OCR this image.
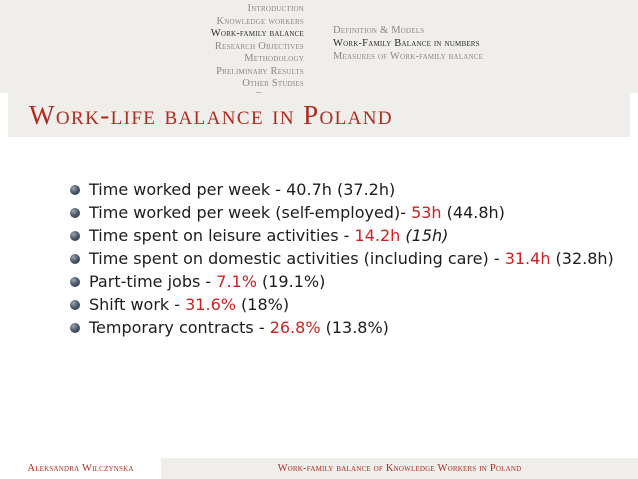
Introduction
Knowledge workers
Work-family balance
Research Objectives
Methodology
Preliminary Results
Other Studies
Definition & Models
Work-Family Balance in numbers
Measures of Work-family balance
Work-life balance in Poland
Time worked per week - 40.7h (37.2h)
Time worked per week (self-employed)- 53h (44.8h)
Time spent on leisure activities - 14.2h (15h)
Time spent on domestic activities (including care) - 31.4h (32.8h)
Part-time jobs - 7.1% (19.1%)
Shift work - 31.6% (18%)
Temporary contracts - 26.8% (13.8%)
Aleksandra Wilczynska	Work-family balance of Knowledge Workers in Poland
